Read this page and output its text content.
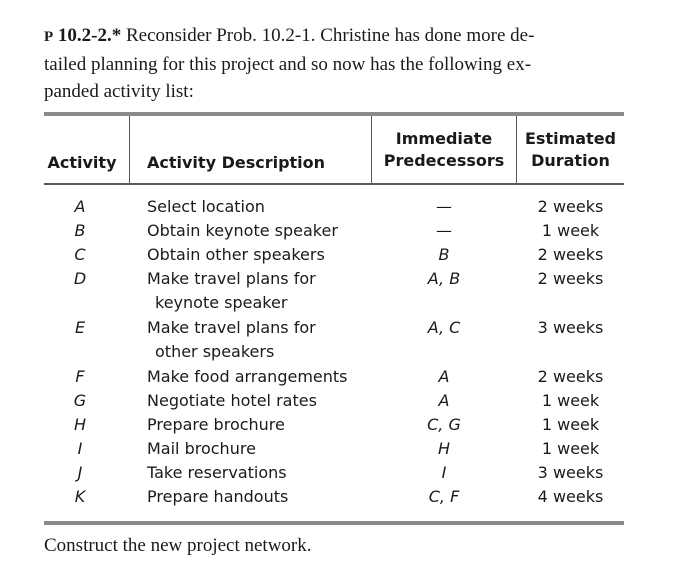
P 10.2-2.* Reconsider Prob. 10.2-1. Christine has done more de-
tailed planning for this project and so now has the following ex-
panded activity list:
Activity Activity Description
Immediate
Predecessors
Estimated
Duration
A
B
C
D
E
F
G
H
I
J
K
Select location
Obtain keynote speaker
Obtain other speakers
Make travel plans for
keynote speaker
Make travel plans for
other speakers
Make food arrangements
Negotiate hotel rates
Prepare brochure
Mail brochure
Take reservations
Prepare handouts
—
—
B
A, B
A, C
A
A
C, G
H
I
C, F
2 weeks
1 week
2 weeks
2 weeks
3 weeks
2 weeks
1 week
1 week
1 week
3 weeks
4 weeks
Construct the new project network.
